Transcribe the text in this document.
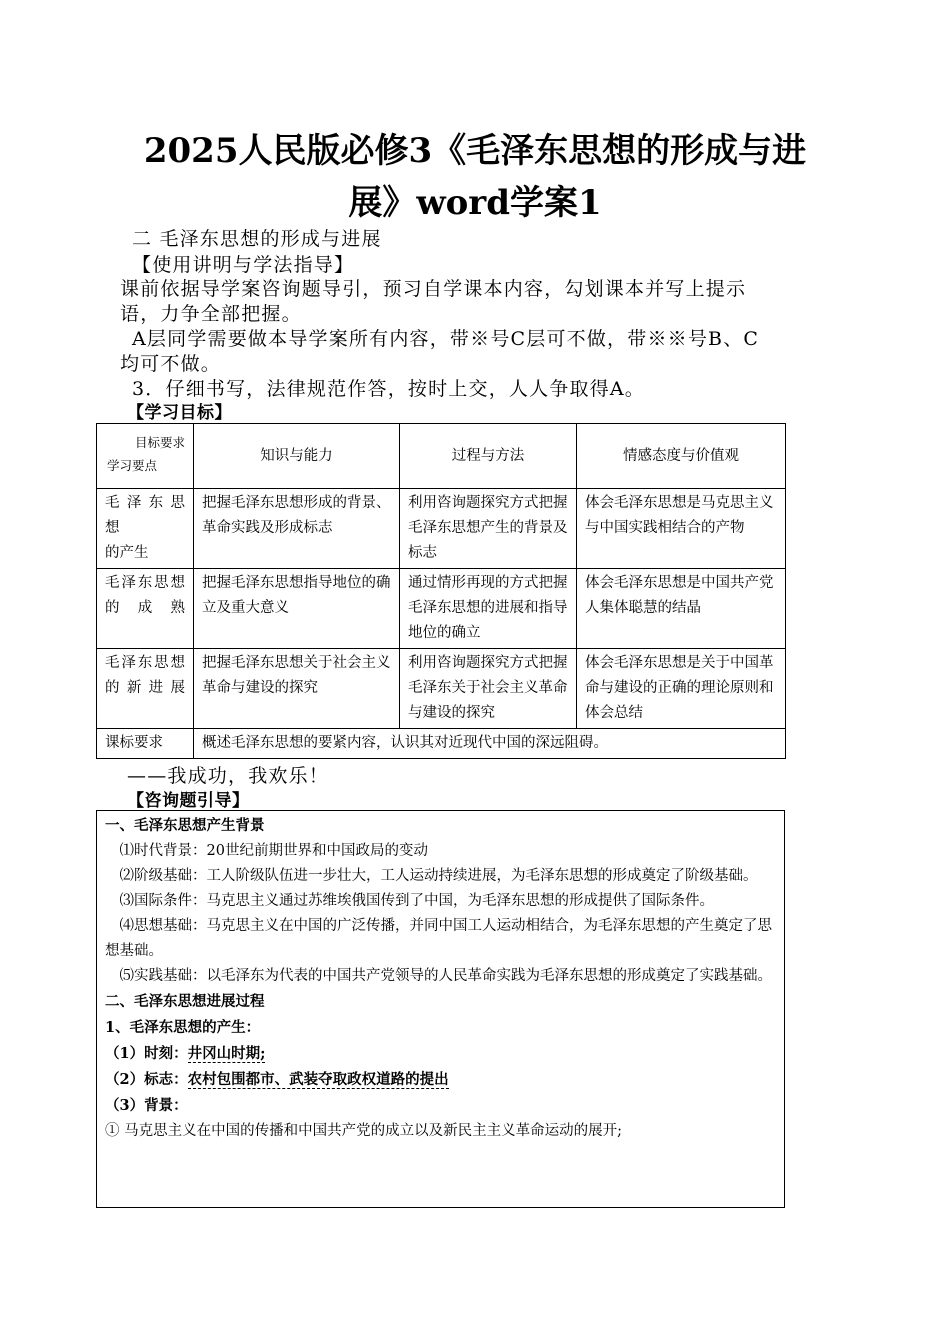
2025人民版必修3《毛泽东思想的形成与进
展》word学案1
二 毛泽东思想的形成与进展
【使用讲明与学法指导】
课前依据导学案咨询题导引，预习自学课本内容，勾划课本并写上提示
语，力争全部把握。
A层同学需要做本导学案所有内容，带※号C层可不做，带※※号B、C
均可不做。
3．仔细书写，法律规范作答，按时上交，人人争取得A。
【学习目标】
目标要求
学习要点	知识与能力	过程与方法	情感态度与价值观
毛泽东思
想

的产生	把握毛泽东思想形成的背景、革命实践及形成标志	利用咨询题探究方式把握毛泽东思想产生的背景及标志	体会毛泽东思想是马克思主义与中国实践相结合的产物
毛泽东思想的成熟	把握毛泽东思想指导地位的确立及重大意义	通过情形再现的方式把握毛泽东思想的进展和指导地位的确立	体会毛泽东思想是中国共产党人集体聪慧的结晶
毛泽东思想的新进展	把握毛泽东思想关于社会主义革命与建设的探究	利用咨询题探究方式把握毛泽东关于社会主义革命与建设的探究	体会毛泽东思想是关于中国革命与建设的正确的理论原则和体会总结
课标要求	概述毛泽东思想的要紧内容，认识其对近现代中国的深远阻碍。		
——我成功，我欢乐！
【咨询题引导】

一、毛泽东思想产生背景

⑴时代背景：20世纪前期世界和中国政局的变动

⑵阶级基础：工人阶级队伍进一步壮大，工人运动持续进展，为毛泽东思想的形成奠定了阶级基础。

⑶国际条件：马克思主义通过苏维埃俄国传到了中国，为毛泽东思想的形成提供了国际条件。

⑷思想基础：马克思主义在中国的广泛传播，并同中国工人运动相结合，为毛泽东思想的产生奠定了思想基础。

⑸实践基础：以毛泽东为代表的中国共产党领导的人民革命实践为毛泽东思想的形成奠定了实践基础。

二、毛泽东思想进展过程

1、毛泽东思想的产生：

（1）时刻：井冈山时期;

（2）标志：农村包围都市、武装夺取政权道路的提出

（3）背景：

① 马克思主义在中国的传播和中国共产党的成立以及新民主主义革命运动的展开;
